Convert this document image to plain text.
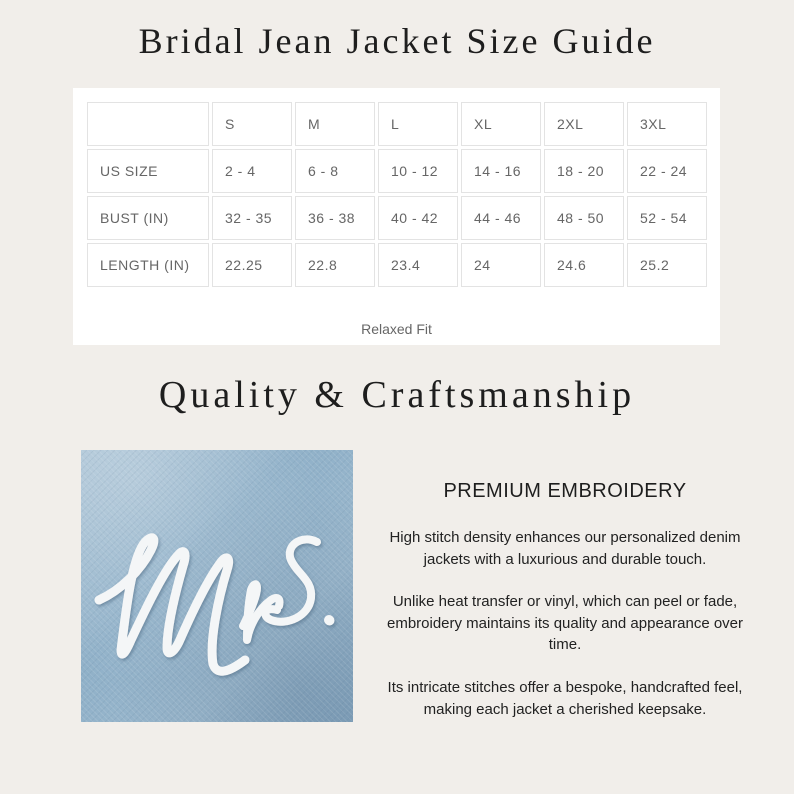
Bridal Jean Jacket Size Guide
	S	M	L	XL	2XL	3XL
US SIZE	2 - 4	6 - 8	10 - 12	14 - 16	18 - 20	22 - 24
BUST (IN)	32 - 35	36 - 38	40 - 42	44 - 46	48 - 50	52 - 54
LENGTH (IN)	22.25	22.8	23.4	24	24.6	25.2
Relaxed Fit
Quality & Craftsmanship
PREMIUM EMBROIDERY
High stitch density enhances our personalized denim jackets with a luxurious and durable touch.
Unlike heat transfer or vinyl, which can peel or fade, embroidery maintains its quality and appearance over time.
Its intricate stitches offer a bespoke, handcrafted feel, making each jacket a cherished keepsake.
